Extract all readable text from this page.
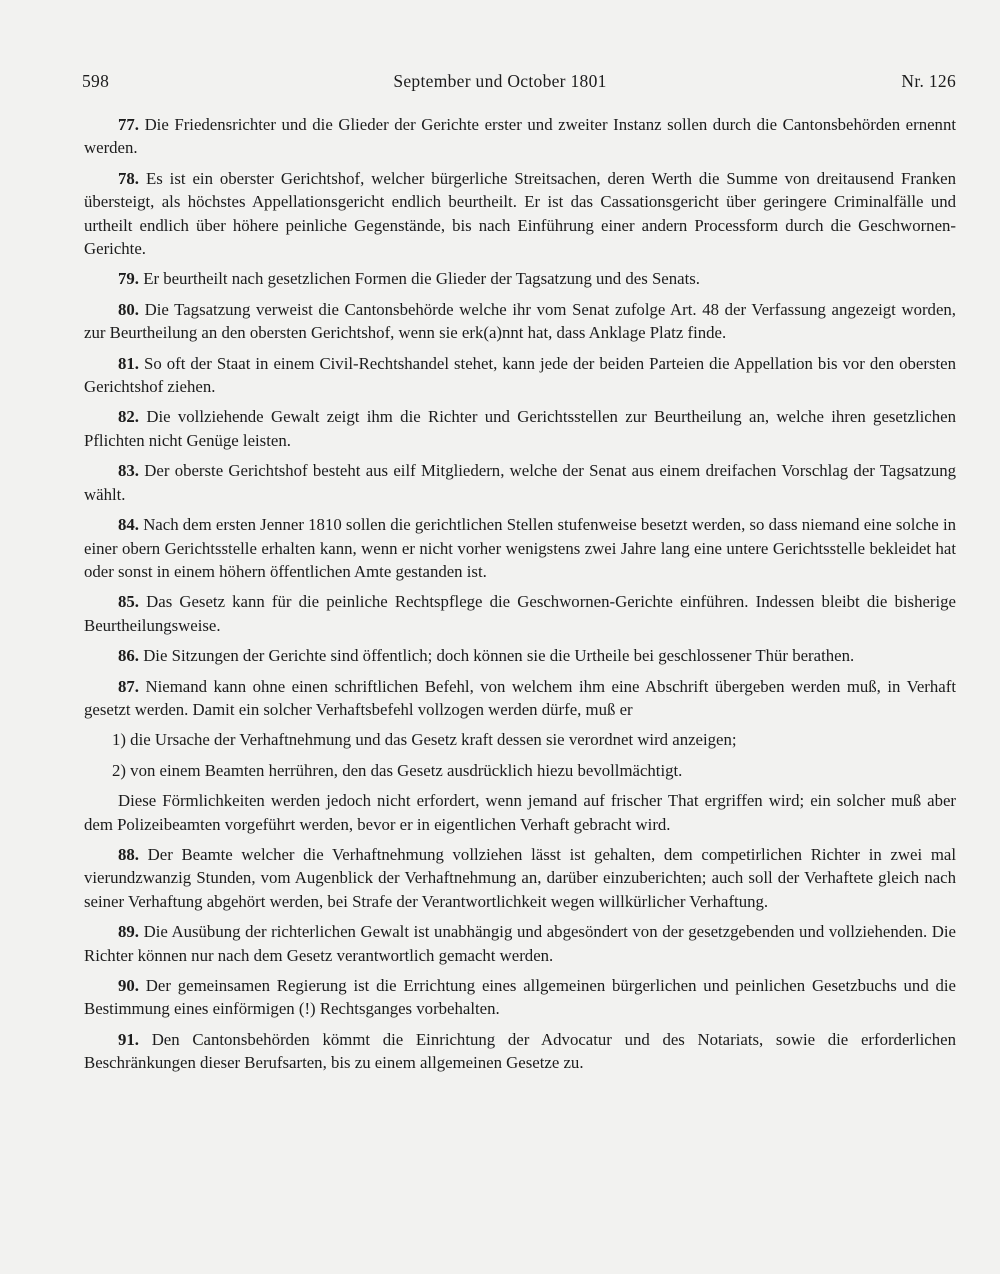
598	September und October 1801	Nr. 126

77. Die Friedensrichter und die Glieder der Gerichte erster und zweiter Instanz sollen durch die Cantonsbehörden ernennt werden.

78. Es ist ein oberster Gerichtshof, welcher bürgerliche Streitsachen, deren Werth die Summe von dreitausend Franken übersteigt, als höchstes Appellationsgericht endlich beurtheilt. Er ist das Cassationsgericht über geringere Criminalfälle und urtheilt endlich über höhere peinliche Gegenstände, bis nach Einführung einer andern Processform durch die Geschwornen-Gerichte.

79. Er beurtheilt nach gesetzlichen Formen die Glieder der Tagsatzung und des Senats.

80. Die Tagsatzung verweist die Cantonsbehörde welche ihr vom Senat zufolge Art. 48 der Verfassung angezeigt worden, zur Beurtheilung an den obersten Gerichtshof, wenn sie erk(a)nnt hat, dass Anklage Platz finde.

81. So oft der Staat in einem Civil-Rechtshandel stehet, kann jede der beiden Parteien die Appellation bis vor den obersten Gerichtshof ziehen.

82. Die vollziehende Gewalt zeigt ihm die Richter und Gerichtsstellen zur Beurtheilung an, welche ihren gesetzlichen Pflichten nicht Genüge leisten.

83. Der oberste Gerichtshof besteht aus eilf Mitgliedern, welche der Senat aus einem dreifachen Vorschlag der Tagsatzung wählt.

84. Nach dem ersten Jenner 1810 sollen die gerichtlichen Stellen stufenweise besetzt werden, so dass niemand eine solche in einer obern Gerichtsstelle erhalten kann, wenn er nicht vorher wenigstens zwei Jahre lang eine untere Gerichtsstelle bekleidet hat oder sonst in einem höhern öffentlichen Amte gestanden ist.

85. Das Gesetz kann für die peinliche Rechtspflege die Geschwornen-Gerichte einführen. Indessen bleibt die bisherige Beurtheilungsweise.

86. Die Sitzungen der Gerichte sind öffentlich; doch können sie die Urtheile bei geschlossener Thür berathen.

87. Niemand kann ohne einen schriftlichen Befehl, von welchem ihm eine Abschrift übergeben werden muß, in Verhaft gesetzt werden. Damit ein solcher Verhaftsbefehl vollzogen werden dürfe, muß er

1) die Ursache der Verhaftnehmung und das Gesetz kraft dessen sie verordnet wird anzeigen;

2) von einem Beamten herrühren, den das Gesetz ausdrücklich hiezu bevollmächtigt.

Diese Förmlichkeiten werden jedoch nicht erfordert, wenn jemand auf frischer That ergriffen wird; ein solcher muß aber dem Polizeibeamten vorgeführt werden, bevor er in eigentlichen Verhaft gebracht wird.

88. Der Beamte welcher die Verhaftnehmung vollziehen lässt ist gehalten, dem competirlichen Richter in zwei mal vierundzwanzig Stunden, vom Augenblick der Verhaftnehmung an, darüber einzuberichten; auch soll der Verhaftete gleich nach seiner Verhaftung abgehört werden, bei Strafe der Verantwortlichkeit wegen willkürlicher Verhaftung.

89. Die Ausübung der richterlichen Gewalt ist unabhängig und abgesöndert von der gesetzgebenden und vollziehenden. Die Richter können nur nach dem Gesetz verantwortlich gemacht werden.

90. Der gemeinsamen Regierung ist die Errichtung eines allgemeinen bürgerlichen und peinlichen Gesetzbuchs und die Bestimmung eines einförmigen (!) Rechtsganges vorbehalten.

91. Den Cantonsbehörden kömmt die Einrichtung der Advocatur und des Notariats, sowie die erforderlichen Beschränkungen dieser Berufsarten, bis zu einem allgemeinen Gesetze zu.
